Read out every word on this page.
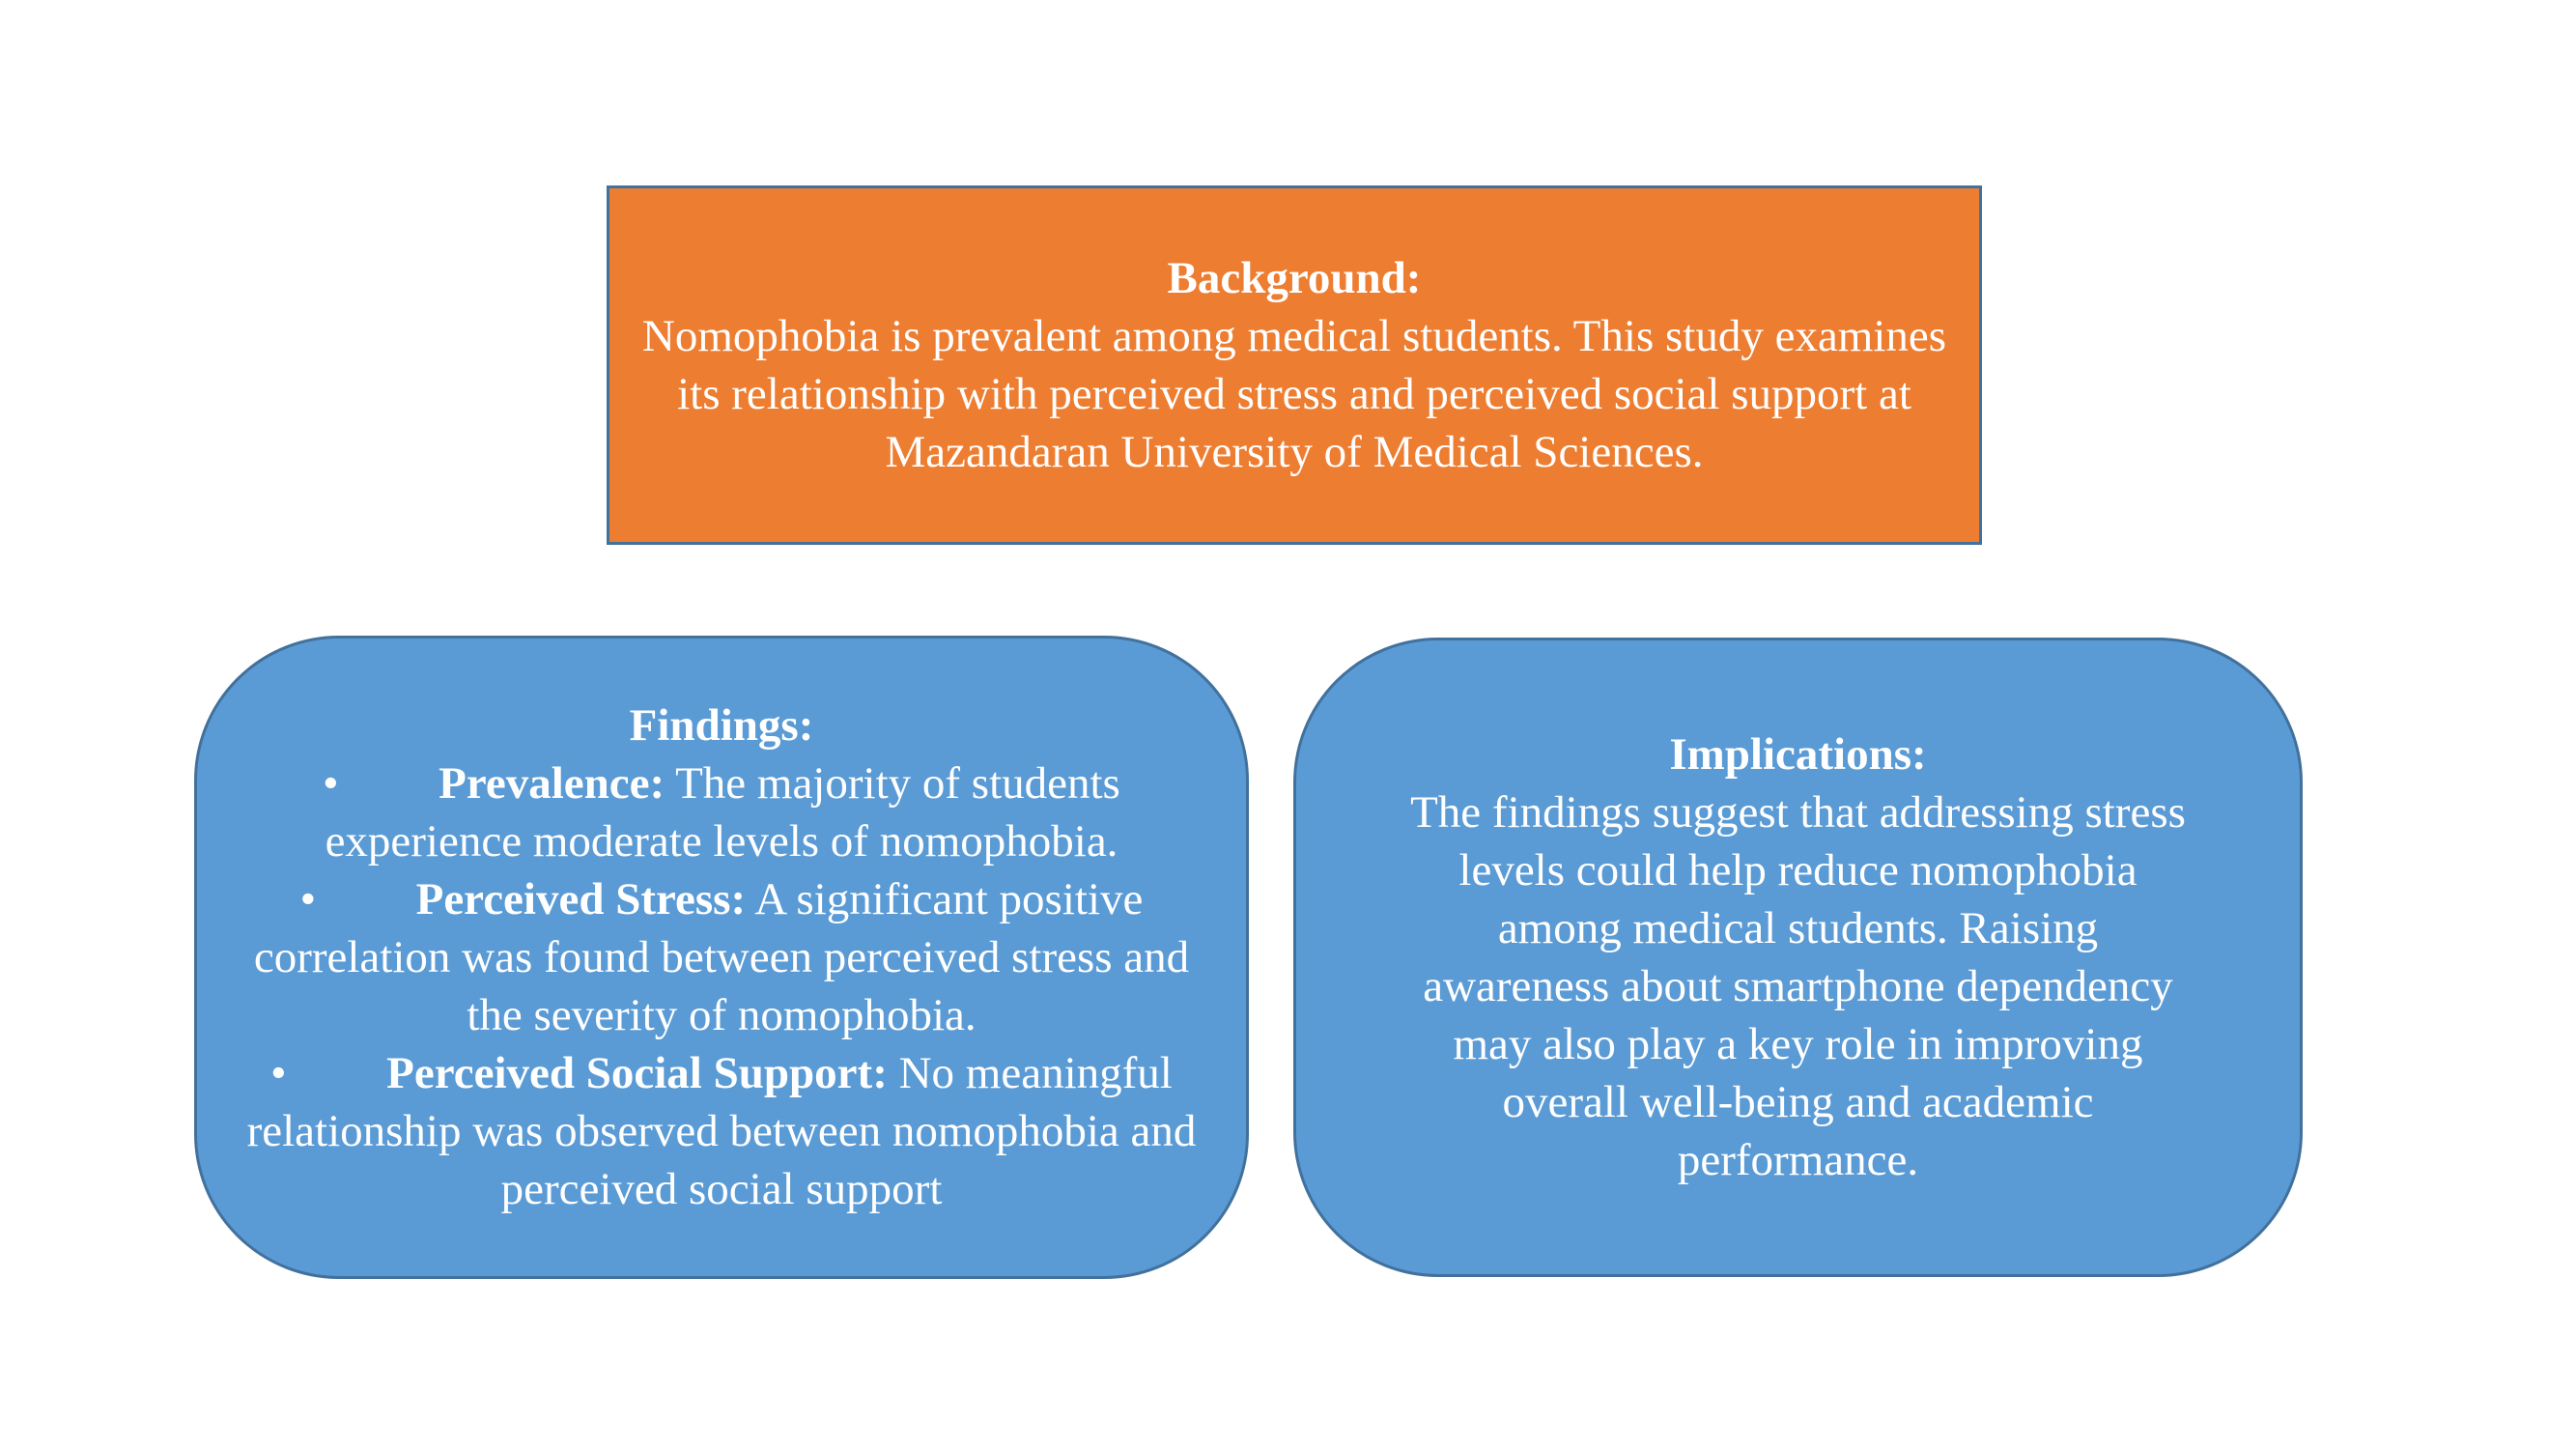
Background:
Nomophobia is prevalent among medical students. This study examines its relationship with perceived stress and perceived social support at Mazandaran University of Medical Sciences.
Findings:
• Prevalence: The majority of students experience moderate levels of nomophobia.
• Perceived Stress: A significant positive correlation was found between perceived stress and the severity of nomophobia.
• Perceived Social Support: No meaningful relationship was observed between nomophobia and perceived social support
Implications:
The findings suggest that addressing stress levels could help reduce nomophobia among medical students. Raising awareness about smartphone dependency may also play a key role in improving overall well-being and academic performance.
